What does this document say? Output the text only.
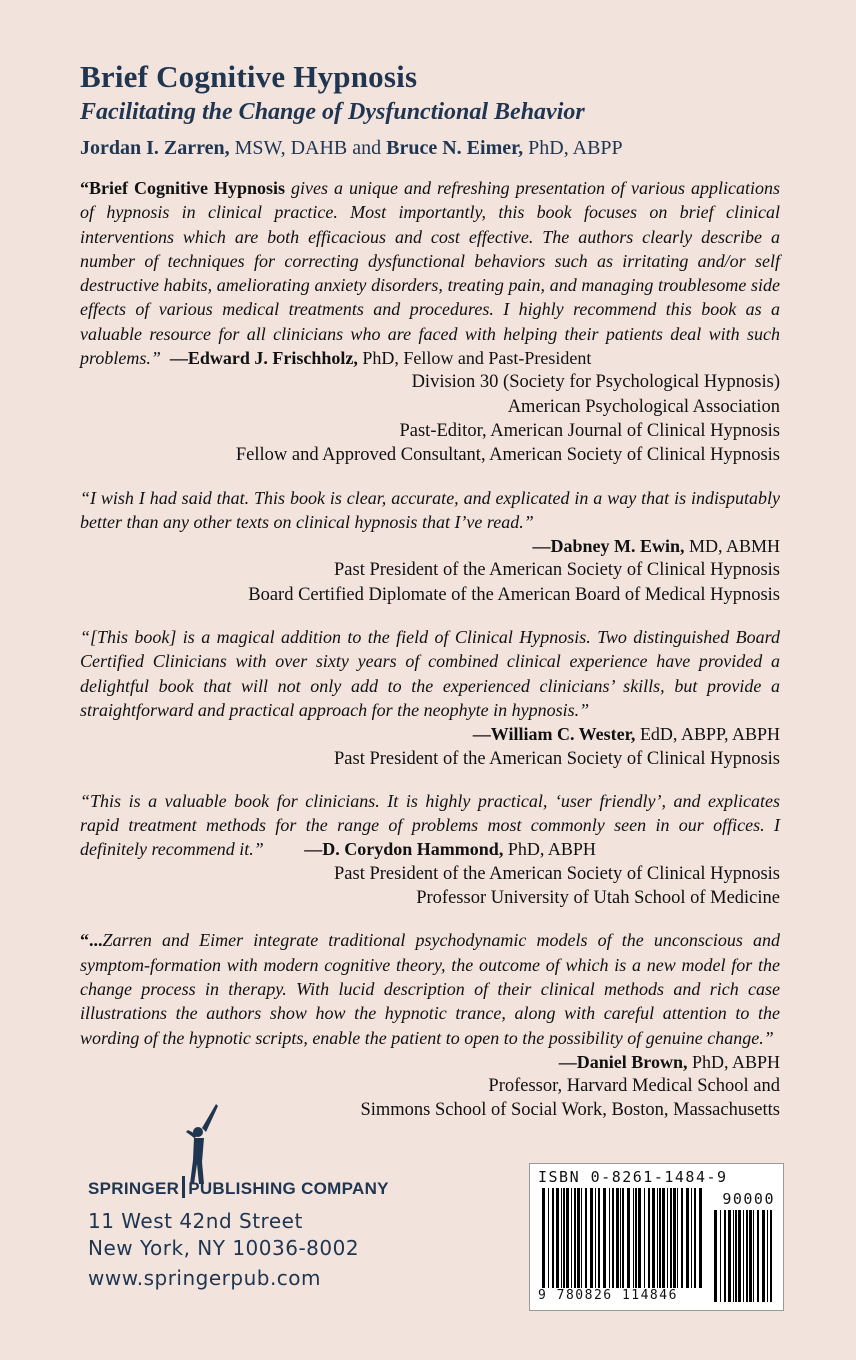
Brief Cognitive Hypnosis
Facilitating the Change of Dysfunctional Behavior
Jordan I. Zarren, MSW, DAHB and Bruce N. Eimer, PhD, ABPP
“Brief Cognitive Hypnosis gives a unique and refreshing presentation of various applications of hypnosis in clinical practice. Most importantly, this book focuses on brief clinical interventions which are both efficacious and cost effective. The authors clearly describe a number of techniques for correcting dysfunctional behaviors such as irritating and/or self destructive habits, ameliorating anxiety disorders, treating pain, and managing troublesome side effects of various medical treatments and procedures. I highly recommend this book as a valuable resource for all clinicians who are faced with helping their patients deal with such problems.” —Edward J. Frischholz, PhD, Fellow and Past-President
Division 30 (Society for Psychological Hypnosis)
American Psychological Association
Past-Editor, American Journal of Clinical Hypnosis
Fellow and Approved Consultant, American Society of Clinical Hypnosis
“I wish I had said that. This book is clear, accurate, and explicated in a way that is indisputably better than any other texts on clinical hypnosis that I’ve read.”
—Dabney M. Ewin, MD, ABMH
Past President of the American Society of Clinical Hypnosis
Board Certified Diplomate of the American Board of Medical Hypnosis
“[This book] is a magical addition to the field of Clinical Hypnosis. Two distinguished Board Certified Clinicians with over sixty years of combined clinical experience have provided a delightful book that will not only add to the experienced clinicians’ skills, but provide a straightforward and practical approach for the neophyte in hypnosis.”
—William C. Wester, EdD, ABPP, ABPH
Past President of the American Society of Clinical Hypnosis
“This is a valuable book for clinicians. It is highly practical, ‘user friendly’, and explicates rapid treatment methods for the range of problems most commonly seen in our offices. I definitely recommend it.” —D. Corydon Hammond, PhD, ABPH
Past President of the American Society of Clinical Hypnosis
Professor University of Utah School of Medicine
“...Zarren and Eimer integrate traditional psychodynamic models of the unconscious and symptom-formation with modern cognitive theory, the outcome of which is a new model for the change process in therapy. With lucid description of their clinical methods and rich case illustrations the authors show how the hypnotic trance, along with careful attention to the wording of the hypnotic scripts, enable the patient to open to the possibility of genuine change.”
—Daniel Brown, PhD, ABPH
Professor, Harvard Medical School and
Simmons School of Social Work, Boston, Massachusetts
SPRINGER PUBLISHING COMPANY
11 West 42nd Street
New York, NY 10036-8002
www.springerpub.com
ISBN 0-8261-1484-9
90000
9 780826 114846
